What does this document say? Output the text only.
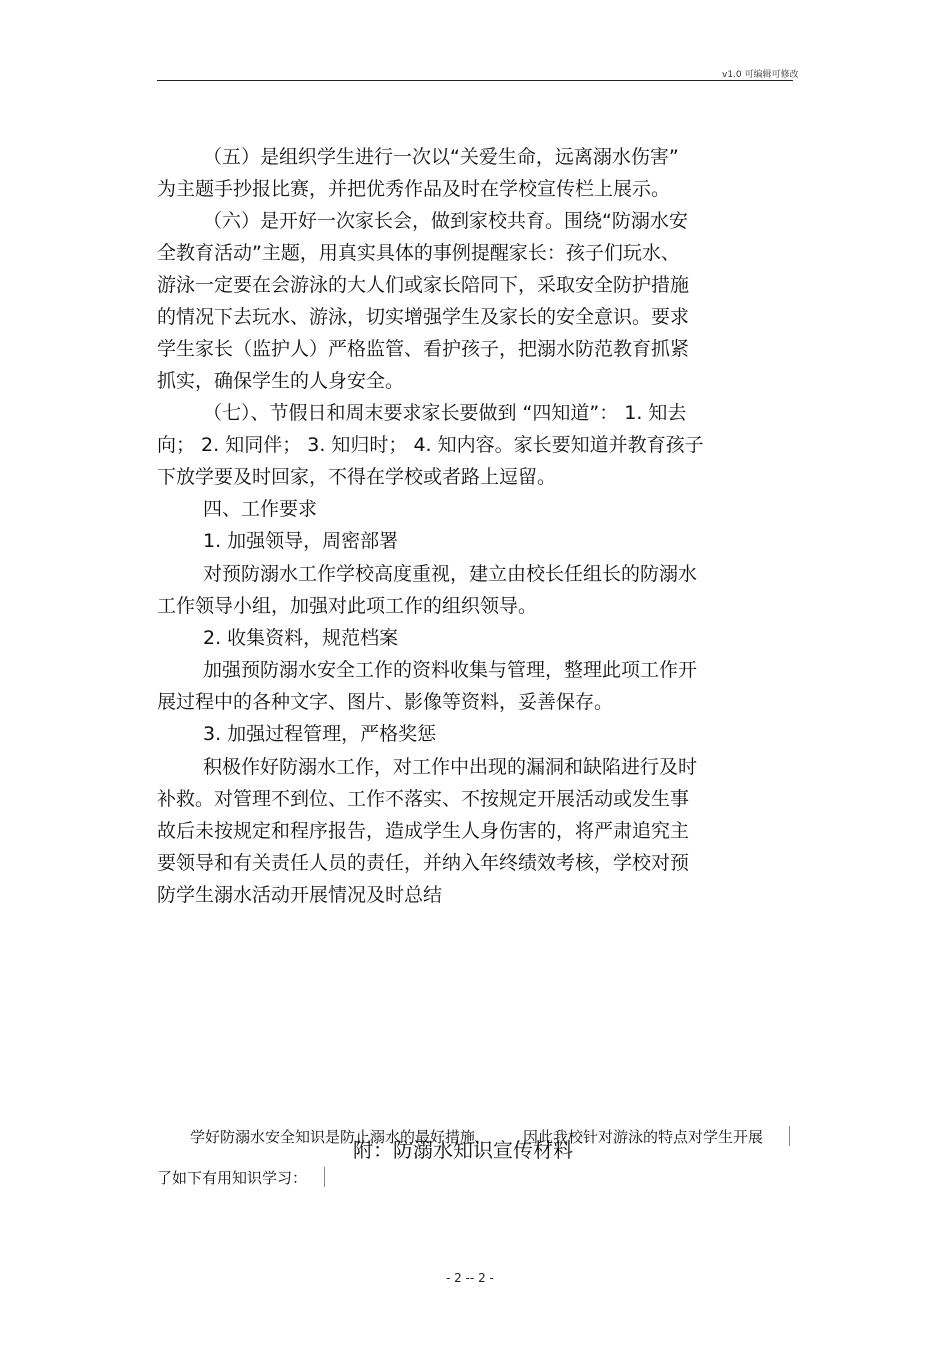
v1.0 可编辑可修改
（五）是组织学生进行一次以“关爱生命，远离溺水伤害”
为主题手抄报比赛，并把优秀作品及时在学校宣传栏上展示。
（六）是开好一次家长会，做到家校共育。围绕“防溺水安
全教育活动”主题，用真实具体的事例提醒家长：孩子们玩水、
游泳一定要在会游泳的大人们或家长陪同下，采取安全防护措施
的情况下去玩水、游泳，切实增强学生及家长的安全意识。要求
学生家长（监护人）严格监管、看护孩子，把溺水防范教育抓紧
抓实，确保学生的人身安全。
（七）、节假日和周末要求家长要做到 “四知道”： 1. 知去
向； 2. 知同伴； 3. 知归时； 4. 知内容。家长要知道并教育孩子
下放学要及时回家，不得在学校或者路上逗留。
四、工作要求
1. 加强领导，周密部署
对预防溺水工作学校高度重视，建立由校长任组长的防溺水
工作领导小组，加强对此项工作的组织领导。
2. 收集资料，规范档案
加强预防溺水安全工作的资料收集与管理，整理此项工作开
展过程中的各种文字、图片、影像等资料，妥善保存。
3. 加强过程管理，严格奖惩
积极作好防溺水工作，对工作中出现的漏洞和缺陷进行及时
补救。对管理不到位、工作不落实、不按规定开展活动或发生事
故后未按规定和程序报告，造成学生人身伤害的，将严肃追究主
要领导和有关责任人员的责任，并纳入年终绩效考核，学校对预
防学生溺水活动开展情况及时总结
附：防溺水知识宣传材料
学好防溺水安全知识是防止溺水的最好措施， 因此我校针对游泳的特点对学生开展
了如下有用知识学习：
- 2 -- 2 -
